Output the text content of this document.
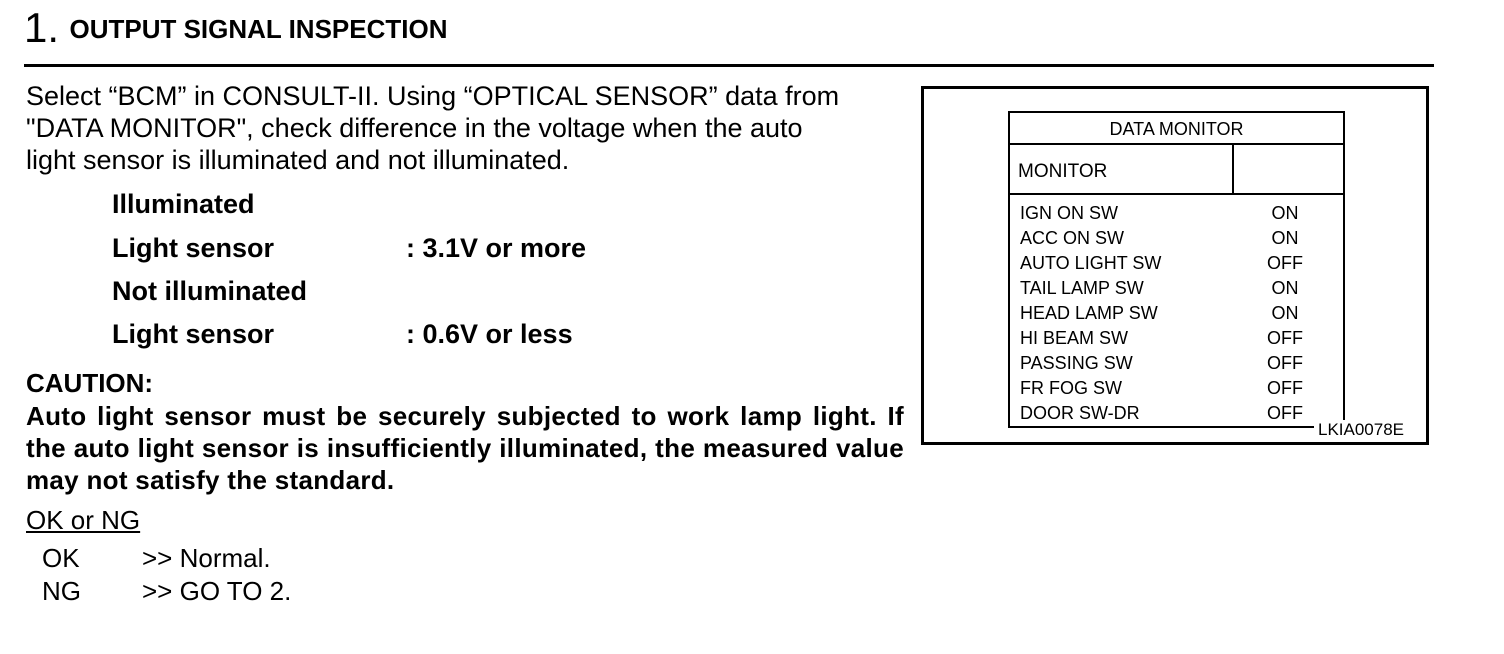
1. OUTPUT SIGNAL INSPECTION

Select “BCM” in CONSULT-II. Using “OPTICAL SENSOR” data from
"DATA MONITOR", check difference in the voltage when the auto
light sensor is illuminated and not illuminated.

Illuminated
Light sensor	: 3.1V or more
Not illuminated
Light sensor	: 0.6V or less
CAUTION:

Auto light sensor must be securely subjected to work lamp light. If the auto light sensor is insufficiently illuminated, the measured value may not satisfy the standard.

OK or NG
OK >> Normal.
NG >> GO TO 2.
DATA MONITOR
MONITOR
IGN ON SW	ON
ACC ON SW	ON
AUTO LIGHT SW	OFF
TAIL LAMP SW	ON
HEAD LAMP SW	ON
HI BEAM SW	OFF
PASSING SW	OFF
FR FOG SW	OFF
DOOR SW-DR	OFF
LKIA0078E
